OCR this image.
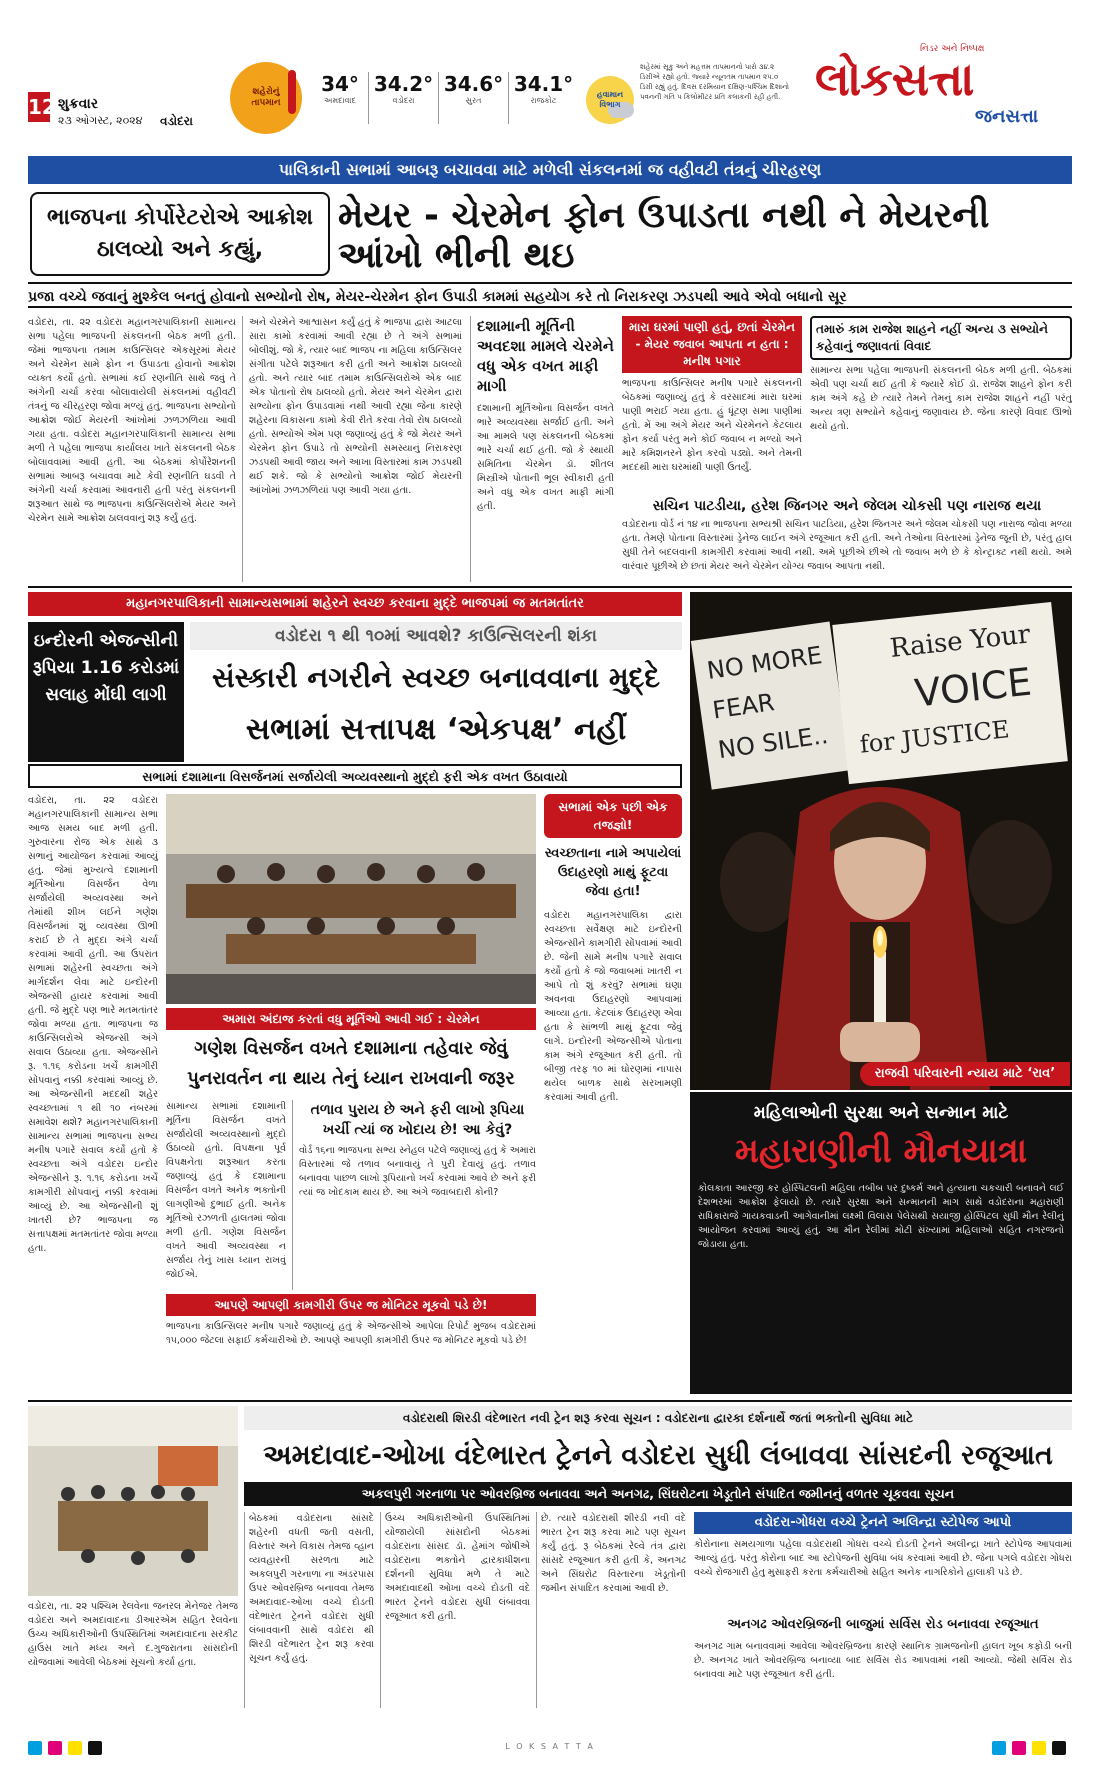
12 શુક્રવાર
૨૩ ઓગસ્ટ, ૨૦૨૪ વડોદરા
શહેરોનું તાપમાન
34°
અમદાવાદ
34.2°
વડોદરા
34.6°
સુરત
34.1°
રાજકોટ
હવામાન વિભાગ
શહેરમાં સૂકુ અને મહત્તમ તાપમાનનો પારો ૩૪.૨ ડિગ્રીએ રહ્યો હતો. જ્યારે ન્યૂનતમ તાપમાન ૨૫.૦ ડિગ્રી રહ્યું હતું. દિવસ દરમિયાન દક્ષિણ-પશ્ચિમ દિશાનો પવનની ગતિ ૫ કિલોમીટર પ્રતિ કલાકની રહી હતી.
નિડર અને નિષ્પક્ષ
લોકસત્તા
જનસત્તા
પાલિકાની સભામાં આબરૂ બચાવવા માટે મળેલી સંકલનમાં જ વહીવટી તંત્રનું ચીરહરણ
ભાજપના કોર્પોરેટરોએ આક્રોશ ઠાલવ્યો અને કહ્યું,
મેયર - ચેરમેન ફોન ઉપાડતા નથી ને મેયરની આંખો ભીની થઇ
પ્રજા વચ્ચે જવાનું મુશ્કેલ બનતું હોવાનો સભ્યોનો રોષ, મેયર-ચેરમેન ફોન ઉપાડી કામમાં સહયોગ કરે તો નિરાકરણ ઝડપથી આવે એવો બધાનો સૂર
વડોદરા, તા. ૨૨ વડોદરા મહાનગરપાલિકાની સામાન્ય સભા પહેલા ભાજપની સંકલનની બેઠક મળી હતી. જેમાં ભાજપના તમામ કાઉન્સિલર એકસૂરમાં મેયર અને ચેરમેન સામે ફોન ન ઉપાડતા હોવાનો આક્રોશ વ્યક્ત કર્યો હતો. સભામાં કઈ રણનીતિ સાથે જવું તે અંગેની ચર્ચા કરવા બોલાવાયેલી સંકલનમાં વહીવટી તંત્રનું જ ચીરહરણ જોવા મળ્યું હતું. ભાજપના સભ્યોનો આક્રોશ જોઈ મેયરની આંખોમાં ઝળઝળિયા આવી ગયા હતા. વડોદરા મહાનગરપાલિકાની સામાન્ય સભા મળી તે પહેલા ભાજપા કાર્યાલય ખાતે સંકલનની બેઠક બોલાવવામાં આવી હતી. આ બેઠકમાં કોર્પોરેશનની સભામાં આબરૂ બચાવવા માટે કેવી રણનીતિ ઘડવી તે અંગેની ચર્ચા કરવામાં આવનારી હતી પરંતુ સંકલનની શરૂઆત સાથે જ ભાજપના કાઉન્સિલરોએ મેયર અને ચેરમેન સામે આક્રોશ ઠાલવવાનું શરૂ કર્યું હતું.
અને ચેરમેને આશ્વાસન કર્યું હતું કે ભાજપા દ્વારા આટલા સારા કામો કરવામાં આવી રહ્યા છે તે અંગે સભામાં બોલીશું. જો કે, ત્યાર બાદ ભાજપ ના મહિલા કાઉન્સિલર સંગીતા પટેલે શરૂઆત કરી હતી અને આક્રોશ ઠાલવ્યો હતો. અને ત્યાર બાદ તમામ કાઉન્સિલરોએ એક બાદ એક પોતાનો રોષ ઠાલવ્યો હતો. મેયર અને ચેરમેન દ્વારા સભ્યોના ફોન ઉપાડવામાં નથી આવી રહ્યા જેના કારણે શહેરના વિકાસના કામો કેવી રીતે કરવા તેવો રોષ ઠાલવ્યો હતો. સભ્યોએ એમ પણ જણાવ્યું હતું કે જો મેયર અને ચેરમેન ફોન ઉપાડે તો સભ્યોની સમસ્યાનું નિરાકરણ ઝડપથી આવી જાય અને આખા વિસ્તારમાં કામ ઝડપથી થઈ શકે. જો કે સભ્યોનો આક્રોશ જોઈ મેયરની આંખોમાં ઝળઝળિયાં પણ આવી ગયા હતા.
દશામાની મૂર્તિની અવદશા મામલે ચેરમેને વધુ એક વખત માફી માગી
દશામાની મૂર્તિઓના વિસર્જન વખતે ભારે અવ્યવસ્થા સર્જાઈ હતી. અને આ મામલે પણ સંકલનની બેઠકમાં ભારે ચર્ચા થઈ હતી. જો કે સ્થાયી સમિતિના ચેરમેન ડૉ. શીતલ મિસ્ત્રીએ પોતાની ભૂલ સ્વીકારી હતી અને વધુ એક વખત માફી માંગી હતી.
મારા ઘરમાં પાણી હતું, છતાં ચેરમેન - મેયર જવાબ આપતા ન હતા : મનીષ પગાર
ભાજપના કાઉન્સિલર મનીષ પગારે સંકલનની બેઠકમાં જણાવ્યું હતું કે વરસાદમાં મારા ઘરમાં પાણી ભરાઈ ગયા હતા. હું ધૂંટણ સમા પાણીમાં હતો. મેં આ અંગે મેયર અને ચેરમેનને કેટલાય ફોન કર્યા પરંતુ મને કોઈ જવાબ ન મળ્યો અને મારે કમિશનરને ફોન કરવો પડ્યો. અને તેમની મદદથી મારા ઘરમાંથી પાણી ઉતર્યું.
તમારું કામ રાજેશ શાહને નહીં અન્ય ૩ સભ્યોને કહેવાનું જણાવતાં વિવાદ
સામાન્ય સભા પહેલા ભાજપની સંકલનની બેઠક મળી હતી. બેઠકમાં એવી પણ ચર્ચા થઈ હતી કે જ્યારે કોઈ ડૉ. રાજેશ શાહને ફોન કરી કામ અંગે કહે છે ત્યારે તેમને તેમનું કામ રાજેશ શાહને નહીં પરંતુ અન્ય ત્રણ સભ્યોને કહેવાનું જણાવાય છે. જેના કારણે વિવાદ ઊભો થયો હતો.
સચિન પાટડીયા, હરેશ જિનગર અને જેલમ ચોકસી પણ નારાજ થયા
વડોદરાના વોર્ડ નં ૧૪ ના ભાજપના સભ્યશ્રી સચિન પાટડિયા, હરેશ જિનગર અને જેલમ ચોકસી પણ નારાજ જોવા મળ્યા હતા. તેમણે પોતાના વિસ્તારમાં ડ્રેનેજ લાઈન અંગે રજૂઆત કરી હતી. અને તેઓના વિસ્તારમાં ડ્રેનેજ જૂની છે, પરંતુ હાલ સુધી તેને બદલવાની કામગીરી કરવામાં આવી નથી. અમે પૂછીએ છીએ તો જવાબ મળે છે કે કોન્ટ્રાક્ટ નથી થયો. અમે વારંવાર પૂછીએ છે છતાં મેયર અને ચેરમેન યોગ્ય જવાબ આપતા નથી.
મહાનગરપાલિકાની સામાન્યસભામાં શહેરને સ્વચ્છ કરવાના મુદ્દે ભાજપમાં જ મતમતાંતર
ઇન્દોરની એજન્સીની રૂપિયા 1.16 કરોડમાં સલાહ મોંઘી લાગી
વડોદરા ૧ થી ૧૦માં આવશે? કાઉન્સિલરની શંકા
સંસ્કારી નગરીને સ્વચ્છ બનાવવાના મુદ્દે
સભામાં સત્તાપક્ષ ‘એકપક્ષ’ નહીં
સભામાં દશામાના વિસર્જનમાં સર્જાયેલી અવ્યવસ્થાનો મુદ્દો ફરી એક વખત ઉઠાવાયો
વડોદરા, તા. ૨૨ વડોદરા મહાનગરપાલિકાની સામાન્ય સભા આજ સમય બાદ મળી હતી. ગુરુવારના રોજ એક સાથે ૩ સભાનું આયોજન કરવામાં આવ્યું હતું. જેમાં મુખ્યત્વે દશામાની મૂર્તિઓના વિસર્જન વેળા સર્જાયેલી અવ્યવસ્થા અને તેમાંથી શીખ લઈને ગણેશ વિસર્જનમાં શું વ્યવસ્થા ઊભી કરાઈ છે તે મુદ્દા અંગે ચર્ચા કરવામાં આવી હતી. આ ઉપરાંત સભામાં શહેરની સ્વચ્છતા અંગે માર્ગદર્શન લેવા માટે ઇન્દોરની એજન્સી હાયર કરવામાં આવી હતી. જે મુદ્દે પણ ભારે મતમતાંતર જોવા મળ્યા હતા. ભાજપના જ કાઉન્સિલરોએ એજન્સી અંગે સવાલ ઉઠાવ્યા હતા. એજન્સીને રૂ. ૧.૧૬ કરોડના ખર્ચે કામગીરી સોંપવાનું નક્કી કરવામાં આવ્યું છે. આ એજન્સીની મદદથી શહેર સ્વચ્છતામાં ૧ થી ૧૦ નંબરમાં સમાવેશ થશે? મહાનગરપાલિકાની સામાન્ય સભામાં ભાજપના સભ્ય મનીષ પગારે સવાલ કર્યો હતો કે સ્વચ્છતા અંગે વડોદરા ઇન્દોર એજન્સીને રૂ. ૧.૧૬ કરોડના ખર્ચે કામગીરી સોંપવાનું નક્કી કરવામાં આવ્યું છે. આ એજન્સીની શું ખાતરી છે? ભાજપના જ સત્તાપક્ષમાં મતમતાંતર જોવા મળ્યા હતા.
સભામાં એક પછી એક તજજ્ઞો!
સ્વચ્છતાના નામે અપાયેલાં ઉદાહરણો માથું ફૂટવા જેવા હતા!
વડોદરા મહાનગરપાલિકા દ્વારા સ્વચ્છતા સર્વેક્ષણ માટે ઇન્દોરની એજન્સીને કામગીરી સોંપવામાં આવી છે. જેની સામે મનીષ પગારે સવાલ કર્યો હતો કે જો જવાબમાં ખાતરી ન આપે તો શું કરવું? સભામાં ઘણા અવનવા ઉદાહરણો આપવામાં આવ્યા હતા. કેટલાંક ઉદાહરણ એવા હતા કે સાંભળી માથું ફૂટવા જેવું લાગે. ઇન્દોરની એજન્સીએ પોતાના કામ અંગે રજૂઆત કરી હતી. તો બીજી તરફ ૧૦ માં ઘોરણમાં નાપાસ થયેલ બાળક સાથે સરખામણી કરવામાં આવી હતી.
અમારા અંદાજ કરતાં વધુ મૂર્તિઓ આવી ગઈ : ચેરમેન
ગણેશ વિસર્જન વખતે દશામાના તહેવાર જેવું
પુનરાવર્તન ના થાય તેનું ધ્યાન રાખવાની જરૂર
સામાન્ય સભામાં દશામાની મૂર્તિના વિસર્જન વખતે સર્જાયેલી અવ્યવસ્થાનો મુદ્દો ઉઠાવ્યો હતો. વિપક્ષના પૂર્વ વિપક્ષનેતા શરૂઆત કરતા જણાવ્યું હતું કે દશામાના વિસર્જન વખતે અનેક ભક્તોની લાગણીઓ દુભાઈ હતી. અનેક મૂર્તિઓ રઝળતી હાલતમાં જોવા મળી હતી. ગણેશ વિસર્જન વખતે આવી અવ્યવસ્થા ન સર્જાય તેનું ખાસ ધ્યાન રાખવું જોઈએ.
તળાવ પુરાય છે અને ફરી લાખો રૂપિયા ખર્ચી ત્યાં જ ખોદાય છે! આ કેવું?
વોર્ડ ૧૬ના ભાજપના સભ્ય સ્નેહલ પટેલે જણાવ્યું હતું કે અમારા વિસ્તારમાં જે તળાવ બનાવાયું તે પુરી દેવાયું હતું. તળાવ બનાવવા પાછળ લાખો રૂપિયાનો ખર્ચ કરવામાં આવે છે અને ફરી ત્યાં જ ખોદકામ થાય છે. આ અંગે જવાબદારી કોની?
આપણે આપણી કામગીરી ઉપર જ મોનિટર મૂકવો પડે છે!
ભાજપના કાઉન્સિલર મનીષ પગારે જણાવ્યું હતું કે એજન્સીએ આપેલા રિપોર્ટ મુજબ વડોદરામાં ૧૫,૦૦૦ જેટલા સફાઈ કર્મચારીઓ છે. આપણે આપણી કામગીરી ઉપર જ મોનિટર મૂકવો પડે છે!
NO MORE
FEAR
NO SILE..
Raise Your
VOICE
for JUSTICE
રાજવી પરિવારની ન્યાય માટે ‘રાવ’
મહિલાઓની સુરક્ષા અને સન્માન માટે
મહારાણીની મૌનયાત્રા
કોલકાતા આરજી કર હોસ્પિટલની મહિલા તબીબ પર દુષ્કર્મ અને હત્યાના ચકચારી બનાવને લઈ દેશભરમાં આક્રોશ ફેલાયો છે. ત્યારે સુરક્ષા અને સન્માનની માગ સાથે વડોદરાના મહારાણી રાધિકારાજે ગાયકવાડની આગેવાનીમાં લક્ષ્મી વિલાસ પેલેસથી સયાજી હોસ્પિટલ સુધી મૌન રેલીનું આયોજન કરવામાં આવ્યું હતું. આ મૌન રેલીમાં મોટી સંખ્યામાં મહિલાઓ સહિત નગરજનો જોડાયા હતા.
વડોદરાથી શિરડી વંદેભારત નવી ટ્રેન શરૂ કરવા સૂચન : વડોદરાના દ્વારકા દર્શનાર્થે જતાં ભક્તોની સુવિધા માટે
અમદાવાદ-ઓખા વંદેભારત ટ્રેનને વડોદરા સુધી લંબાવવા સાંસદની રજૂઆત
અકલપુરી ગરનાળા પર ઓવરબ્રિજ બનાવવા અને અનગઢ, સિંઘરોટના ખેડૂતોને સંપાદિત જમીનનું વળતર ચૂકવવા સૂચન
વડોદરા, તા. ૨૨ પશ્ચિમ રેલવેના જનરલ મેનેજર તેમજ વડોદરા અને અમદાવાદના ડીઆરએમ સહિત રેલવેના ઉચ્ચ અધિકારીઓની ઉપસ્થિતિમાં અમદાવાદના સરકીટ હાઉસ ખાતે મધ્ય અને દ.ગુજરાતના સાંસદોની યોજવામાં આવેલી બેઠકમાં સૂચનો કર્યા હતા.
બેઠકમાં વડોદરાના સાંસદે શહેરની વધતી જતી વસતી, વિસ્તાર અને વિકાસ તેમજ વ્હાન વ્યવહારની સરળતા માટે અકલપુરી ગરનાળા ના અંડરપાસ ઉપર ઓવરબ્રિજ બનાવવા તેમજ અમદાવાદ-ઓખા વચ્ચે દોડતી વંદેભારત ટ્રેનને વડોદરા સુધી લંબાવવાની સાથે વડોદરા થી શિરડી વંદેભારત ટ્રેન શરૂ કરવા સૂચન કર્યું હતું.
ઉચ્ચ અધિકારીઓની ઉપસ્થિતિમાં યોજાયેલી સાંસદોની બેઠકમાં વડોદરાના સાંસદ ડૉ. હેમાંગ જોષીએ વડોદરાના ભક્તોને દ્વારકાધીશના દર્શનની સુવિધા મળે તે માટે અમદાવાદથી ઓખા વચ્ચે દોડતી વંદે ભારત ટ્રેનને વડોદરા સુધી લંબાવવા રજૂઆત કરી હતી.
છે. ત્યારે વડોદરાથી શીરડી નવી વંદે ભારત ટ્રેન શરૂ કરવા માટે પણ સૂચન કર્યું હતું. રૂ બેઠકમાં રેલ્વે તંત્ર દ્વારા સાંસદે રજૂઆત કરી હતી કે, અનગઢ અને સિંઘરોટ વિસ્તારના ખેડૂતોની જમીન સંપાદિત કરવામાં આવી છે.
વડોદરા-ગોધરા વચ્ચે ટ્રેનને અલિન્દ્રા સ્ટોપેજ આપો
કોરોનાના સમયગાળા પહેલા વડોદરાથી ગોધરા વચ્ચે દોડતી ટ્રેનને અલીન્દ્રા ખાતે સ્ટોપેજ આપવામાં આવ્યું હતું. પરંતુ કોરોના બાદ આ સ્ટોપેજની સુવિધા બંધ કરવામાં આવી છે. જેના પગલે વડોદરા ગોધરા વચ્ચે રોજગારી હેતુ મુસાફરી કરતા કર્મચારીઓ સહિત અનેક નાગરિકોને હાલાકી પડે છે.
અનગઢ ઓવરબ્રિજની બાજુમાં સર્વિસ રોડ બનાવવા રજૂઆત
અનગઢ ગામ બનાવવામાં આવેલા ઓવરબ્રિજના કારણે સ્થાનિક ગ્રામજનોની હાલત ખૂબ કફોડી બની છે. અનગઢ ખાતે ઓવરબ્રિજ બનાવ્યા બાદ સર્વિસ રોડ આપવામાં નથી આવ્યો. જેથી સર્વિસ રોડ બનાવવા માટે પણ રજૂઆત કરી હતી.
L O K S A T T A
